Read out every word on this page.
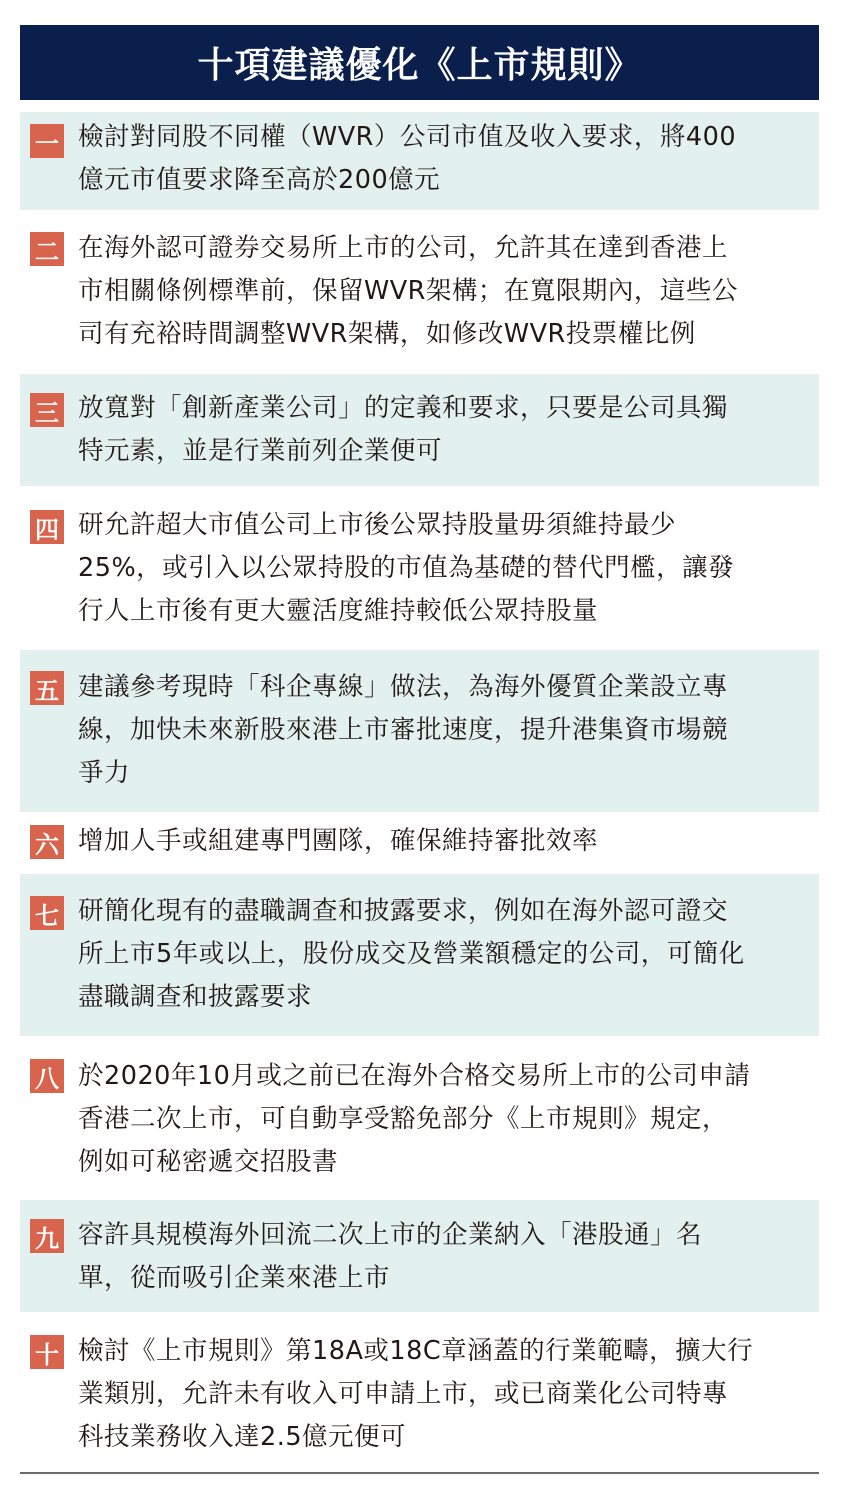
十項建議優化《上市規則》
一 檢討對同股不同權（WVR）公司市值及收入要求，將400
億元市值要求降至高於200億元
二 在海外認可證券交易所上市的公司，允許其在達到香港上
市相關條例標準前，保留WVR架構；在寬限期內，這些公
司有充裕時間調整WVR架構，如修改WVR投票權比例
三 放寬對「創新產業公司」的定義和要求，只要是公司具獨
特元素，並是行業前列企業便可
四 研允許超大市值公司上市後公眾持股量毋須維持最少
25%，或引入以公眾持股的市值為基礎的替代門檻，讓發
行人上市後有更大靈活度維持較低公眾持股量
五 建議參考現時「科企專線」做法，為海外優質企業設立專
線，加快未來新股來港上市審批速度，提升港集資市場競
爭力
六 增加人手或組建專門團隊，確保維持審批效率
七 研簡化現有的盡職調查和披露要求，例如在海外認可證交
所上市5年或以上，股份成交及營業額穩定的公司，可簡化
盡職調查和披露要求
八 於2020年10月或之前已在海外合格交易所上市的公司申請
香港二次上市，可自動享受豁免部分《上市規則》規定，
例如可秘密遞交招股書
九 容許具規模海外回流二次上市的企業納入「港股通」名
單，從而吸引企業來港上市
十 檢討《上市規則》第18A或18C章涵蓋的行業範疇，擴大行
業類別，允許未有收入可申請上市，或已商業化公司特專
科技業務收入達2.5億元便可
